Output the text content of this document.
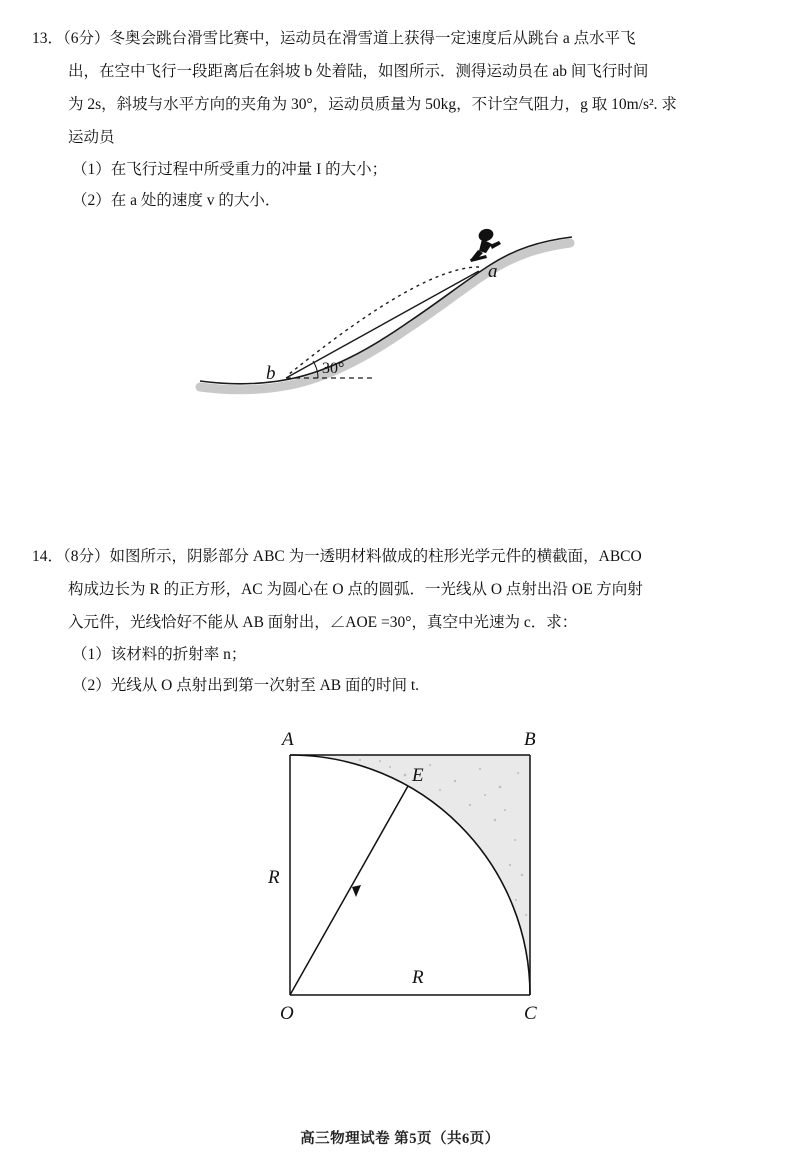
13．（6分）冬奥会跳台滑雪比赛中，运动员在滑雪道上获得一定速度后从跳台 a 点水平飞
出，在空中飞行一段距离后在斜坡 b 处着陆，如图所示．测得运动员在 ab 间飞行时间
为 2s，斜坡与水平方向的夹角为 30°，运动员质量为 50kg，不计空气阻力，g 取 10m/s². 求
运动员
（1）在飞行过程中所受重力的冲量 I 的大小；
（2）在 a 处的速度 v 的大小．
a
b	30°
14．（8分）如图所示，阴影部分 ABC 为一透明材料做成的柱形光学元件的横截面，ABCO
构成边长为 R 的正方形，AC 为圆心在 O 点的圆弧．一光线从 O 点射出沿 OE 方向射
入元件，光线恰好不能从 AB 面射出，∠AOE =30°，真空中光速为 c．求：
（1）该材料的折射率 n；
（2）光线从 O 点射出到第一次射至 AB 面的时间 t.
A	B
C
O
E
R
R
高三物理试卷 第5页（共6页）
